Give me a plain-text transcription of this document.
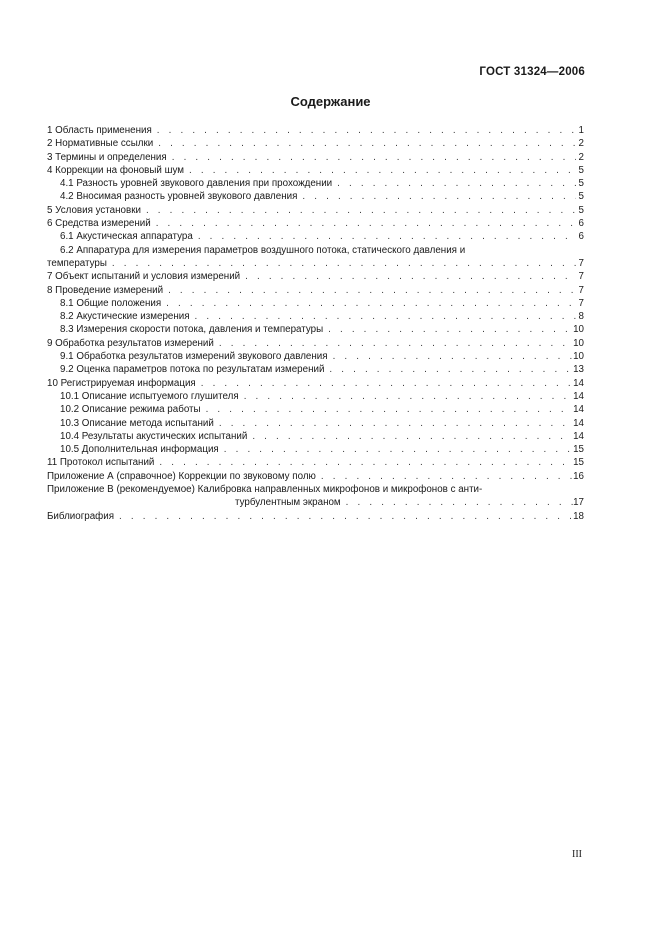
ГОСТ 31324—2006
Содержание
1 Область применения . . .	1
2 Нормативные ссылки . . .	2
3 Термины и определения . . .	2
4 Коррекции на фоновый шум . . .	5
4.1 Разность уровней звукового давления при прохождении . . .	5
4.2 Вносимая разность уровней звукового давления . . .	5
5 Условия установки . . .	5
6 Средства измерений . . .	6
6.1 Акустическая аппаратура . . .	6
6.2 Аппаратура для измерения параметров воздушного потока, статического давления и
температуры . . .	7
7 Объект испытаний и условия измерений . . .	7
8 Проведение измерений . . .	7
8.1 Общие положения . . .	7
8.2 Акустические измерения . . .	8
8.3 Измерения скорости потока, давления и температуры . . .	10
9 Обработка результатов измерений . . .	10
9.1 Обработка результатов измерений звукового давления . . .	10
9.2 Оценка параметров потока по результатам измерений . . .	13
10 Регистрируемая информация . . .	14
10.1 Описание испытуемого глушителя . . .	14
10.2 Описание режима работы . . .	14
10.3 Описание метода испытаний . . .	14
10.4 Результаты акустических испытаний . . .	14
10.5 Дополнительная информация . . .	15
11 Протокол испытаний . . .	15
Приложение А (справочное) Коррекции по звуковому полю . . .	16
Приложение В (рекомендуемое) Калибровка направленных микрофонов и микрофонов с анти-
турбулентным экраном . . .	17
Библиография . . .	18
III
